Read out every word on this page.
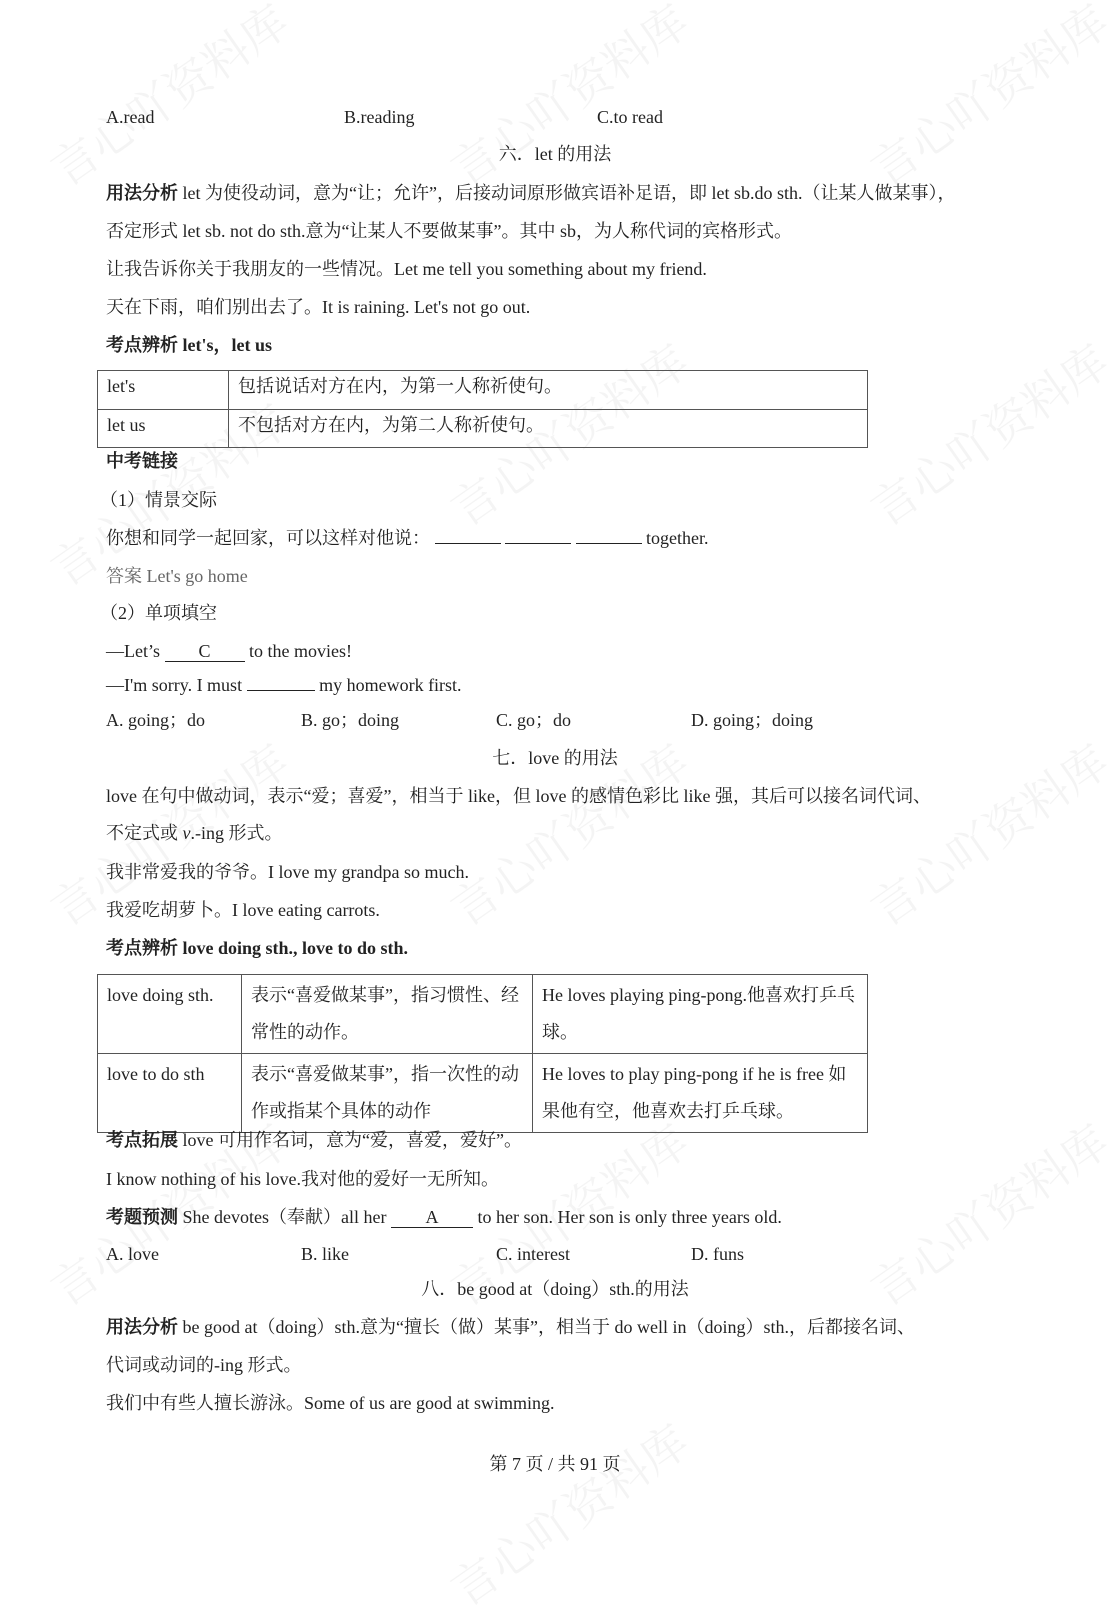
A.read	B.reading	C.to read
六．let 的用法
用法分析 let 为使役动词，意为“让；允许”，后接动词原形做宾语补足语，即 let sb.do sth.（让某人做某事），
否定形式 let sb. not do sth.意为“让某人不要做某事”。其中 sb，为人称代词的宾格形式。
让我告诉你关于我朋友的一些情况。Let me tell you something about my friend.
天在下雨，咱们别出去了。It is raining. Let's not go out.
考点辨析 let's，let us
let's	包括说话对方在内，为第一人称祈使句。
let us	不包括对方在内，为第二人称祈使句。
中考链接
（1）情景交际
你想和同学一起回家，可以这样对他说：	together.
答案 Let's go home
（2）单项填空
—Let’s C to the movies!
—I'm sorry. I must	my homework first.
A. going；do	B. go；doing	C. go；do	D. going；doing
七．love 的用法
love 在句中做动词，表示“爱；喜爱”，相当于 like，但 love 的感情色彩比 like 强，其后可以接名词代词、
不定式或 v.-ing 形式。
我非常爱我的爷爷。I love my grandpa so much.
我爱吃胡萝卜。I love eating carrots.
考点辨析 love doing sth., love to do sth.
love doing sth.	表示“喜爱做某事”，指习惯性、经常性的动作。	He loves playing ping-pong.他喜欢打乒乓球。
love to do sth	表示“喜爱做某事”，指一次性的动作或指某个具体的动作	He loves to play ping-pong if he is free 如果他有空，他喜欢去打乒乓球。
考点拓展 love 可用作名词，意为“爱，喜爱，爱好”。
I know nothing of his love.我对他的爱好一无所知。
考题预测 She devotes（奉献）all her A to her son. Her son is only three years old.
A. love	B. like	C. interest	D. funs
八．be good at（doing）sth.的用法
用法分析 be good at（doing）sth.意为“擅长（做）某事”，相当于 do well in（doing）sth.，后都接名词、
代词或动词的-ing 形式。
我们中有些人擅长游泳。Some of us are good at swimming.
第 7 页 / 共 91 页
